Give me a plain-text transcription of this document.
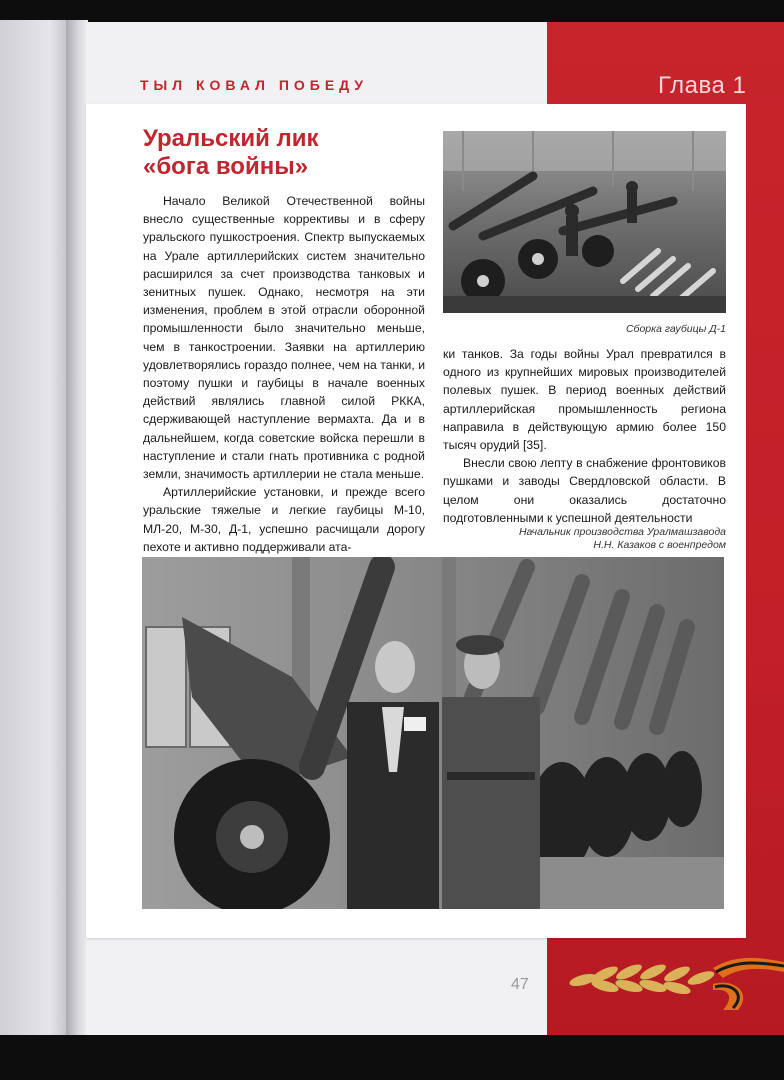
ТЫЛ КОВАЛ ПОБЕДУ	Глава 1
Уральский лик
«бога войны»

Начало Великой Отечественной войны внесло существенные коррективы и в сферу уральского пушкостроения. Спектр выпускаемых на Урале артиллерийских систем значительно расширился за счет производства танковых и зенитных пушек. Однако, несмотря на эти изменения, проблем в этой отрасли оборонной промышленности было значительно меньше, чем в танкостроении. Заявки на артиллерию удовлетворялись гораздо полнее, чем на танки, и поэтому пушки и гаубицы в начале военных действий являлись главной силой РККА, сдерживающей наступление вермахта. Да и в дальнейшем, когда советские войска перешли в наступление и стали гнать противника с родной земли, значимость артиллерии не стала меньше.

Артиллерийские установки, и прежде всего уральские тяжелые и легкие гаубицы М-10, МЛ-20, М-30, Д-1, успешно расчищали дорогу пехоте и активно поддерживали ата-

Сборка гаубицы Д-1

ки танков. За годы войны Урал превратился в одного из крупнейших мировых производителей полевых пушек. В период военных действий артиллерийская промышленность региона направила в действующую армию более 150 тысяч орудий [35].

Внесли свою лепту в снабжение фронтовиков пушками и заводы Свердловской области. В целом они оказались достаточно подготовленными к успешной деятельности

Начальник производства Уралмашзавода
Н.Н. Казаков с военпредом
47
